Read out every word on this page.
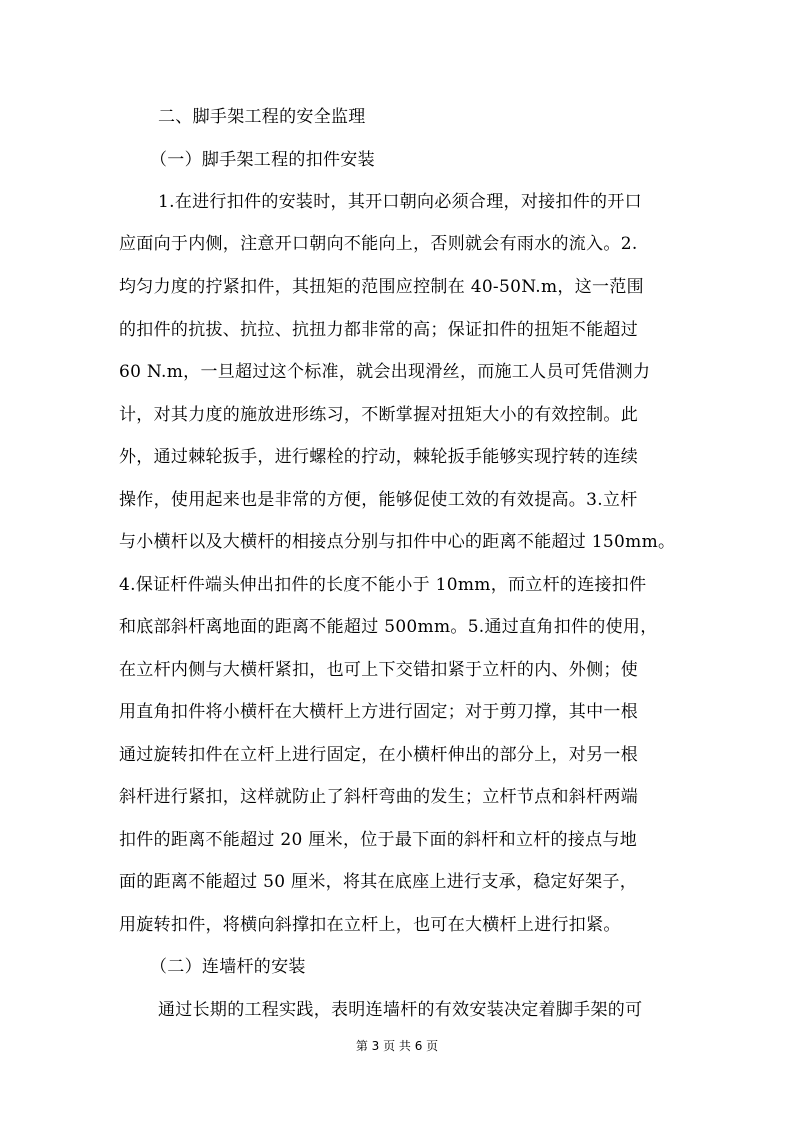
二、脚手架工程的安全监理
（一）脚手架工程的扣件安装
1.在进行扣件的安装时，其开口朝向必须合理，对接扣件的开口
应面向于内侧，注意开口朝向不能向上，否则就会有雨水的流入。2.
均匀力度的拧紧扣件，其扭矩的范围应控制在 40-50N.m，这一范围
的扣件的抗拔、抗拉、抗扭力都非常的高；保证扣件的扭矩不能超过
60 N.m，一旦超过这个标准，就会出现滑丝，而施工人员可凭借测力
计，对其力度的施放进形练习，不断掌握对扭矩大小的有效控制。此
外，通过棘轮扳手，进行螺栓的拧动，棘轮扳手能够实现拧转的连续
操作，使用起来也是非常的方便，能够促使工效的有效提高。3.立杆
与小横杆以及大横杆的相接点分别与扣件中心的距离不能超过 150mm。
4.保证杆件端头伸出扣件的长度不能小于 10mm，而立杆的连接扣件
和底部斜杆离地面的距离不能超过 500mm。5.通过直角扣件的使用，
在立杆内侧与大横杆紧扣，也可上下交错扣紧于立杆的内、外侧；使
用直角扣件将小横杆在大横杆上方进行固定；对于剪刀撑，其中一根
通过旋转扣件在立杆上进行固定，在小横杆伸出的部分上，对另一根
斜杆进行紧扣，这样就防止了斜杆弯曲的发生；立杆节点和斜杆两端
扣件的距离不能超过 20 厘米，位于最下面的斜杆和立杆的接点与地
面的距离不能超过 50 厘米，将其在底座上进行支承，稳定好架子，
用旋转扣件，将横向斜撑扣在立杆上，也可在大横杆上进行扣紧。
（二）连墙杆的安装
通过长期的工程实践，表明连墙杆的有效安装决定着脚手架的可
第 3 页 共 6 页
